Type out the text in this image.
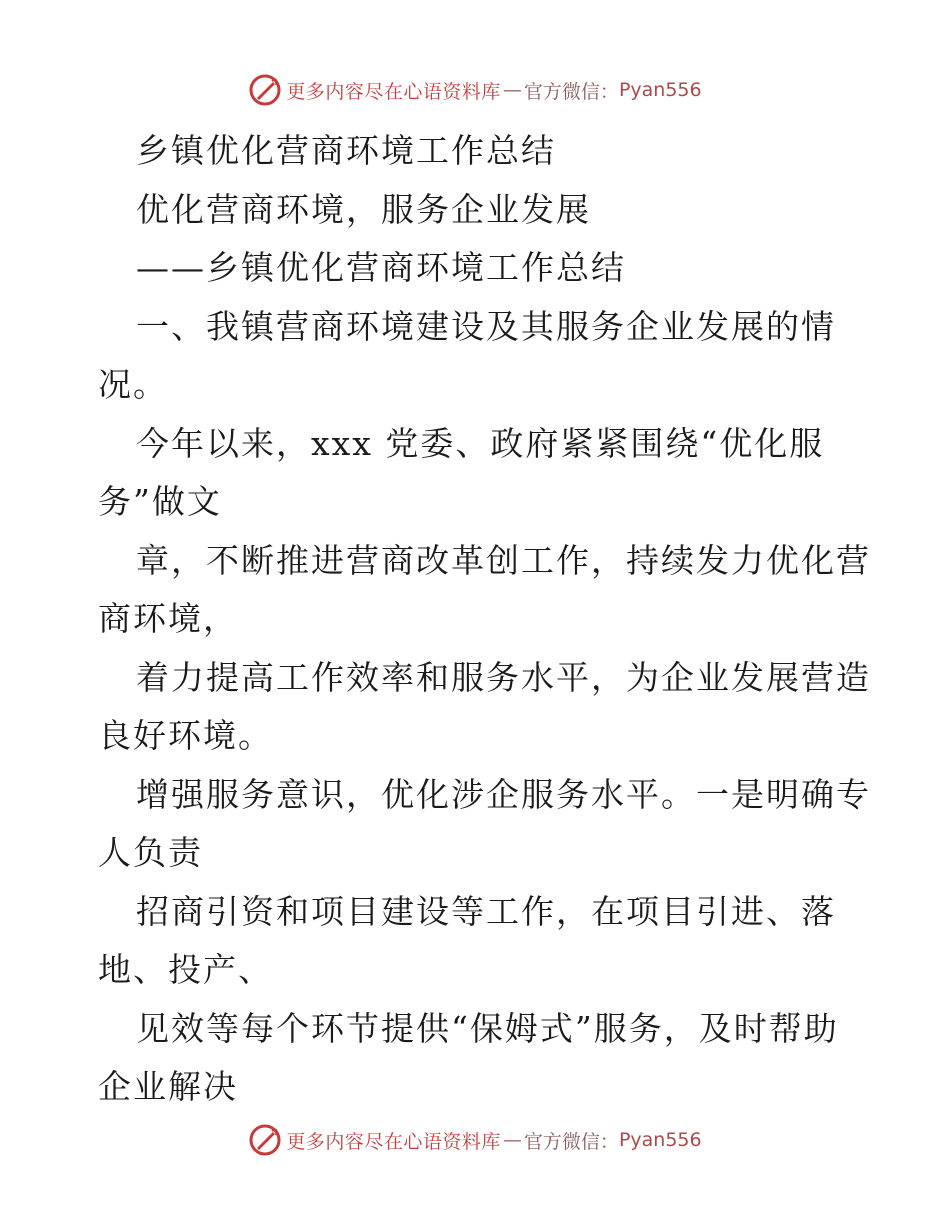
更多内容尽在心语资料库 — 官方微信： Pyan556
乡镇优化营商环境工作总结
优化营商环境，服务企业发展
——乡镇优化营商环境工作总结
一、我镇营商环境建设及其服务企业发展的情
况。
今年以来，xxx 党委、政府紧紧围绕“优化服
务”做文
章，不断推进营商改革创工作，持续发力优化营
商环境，
着力提高工作效率和服务水平，为企业发展营造
良好环境。
增强服务意识，优化涉企服务水平。一是明确专
人负责
招商引资和项目建设等工作，在项目引进、落
地、投产、
见效等每个环节提供“保姆式”服务，及时帮助
企业解决
更多内容尽在心语资料库 — 官方微信： Pyan556
